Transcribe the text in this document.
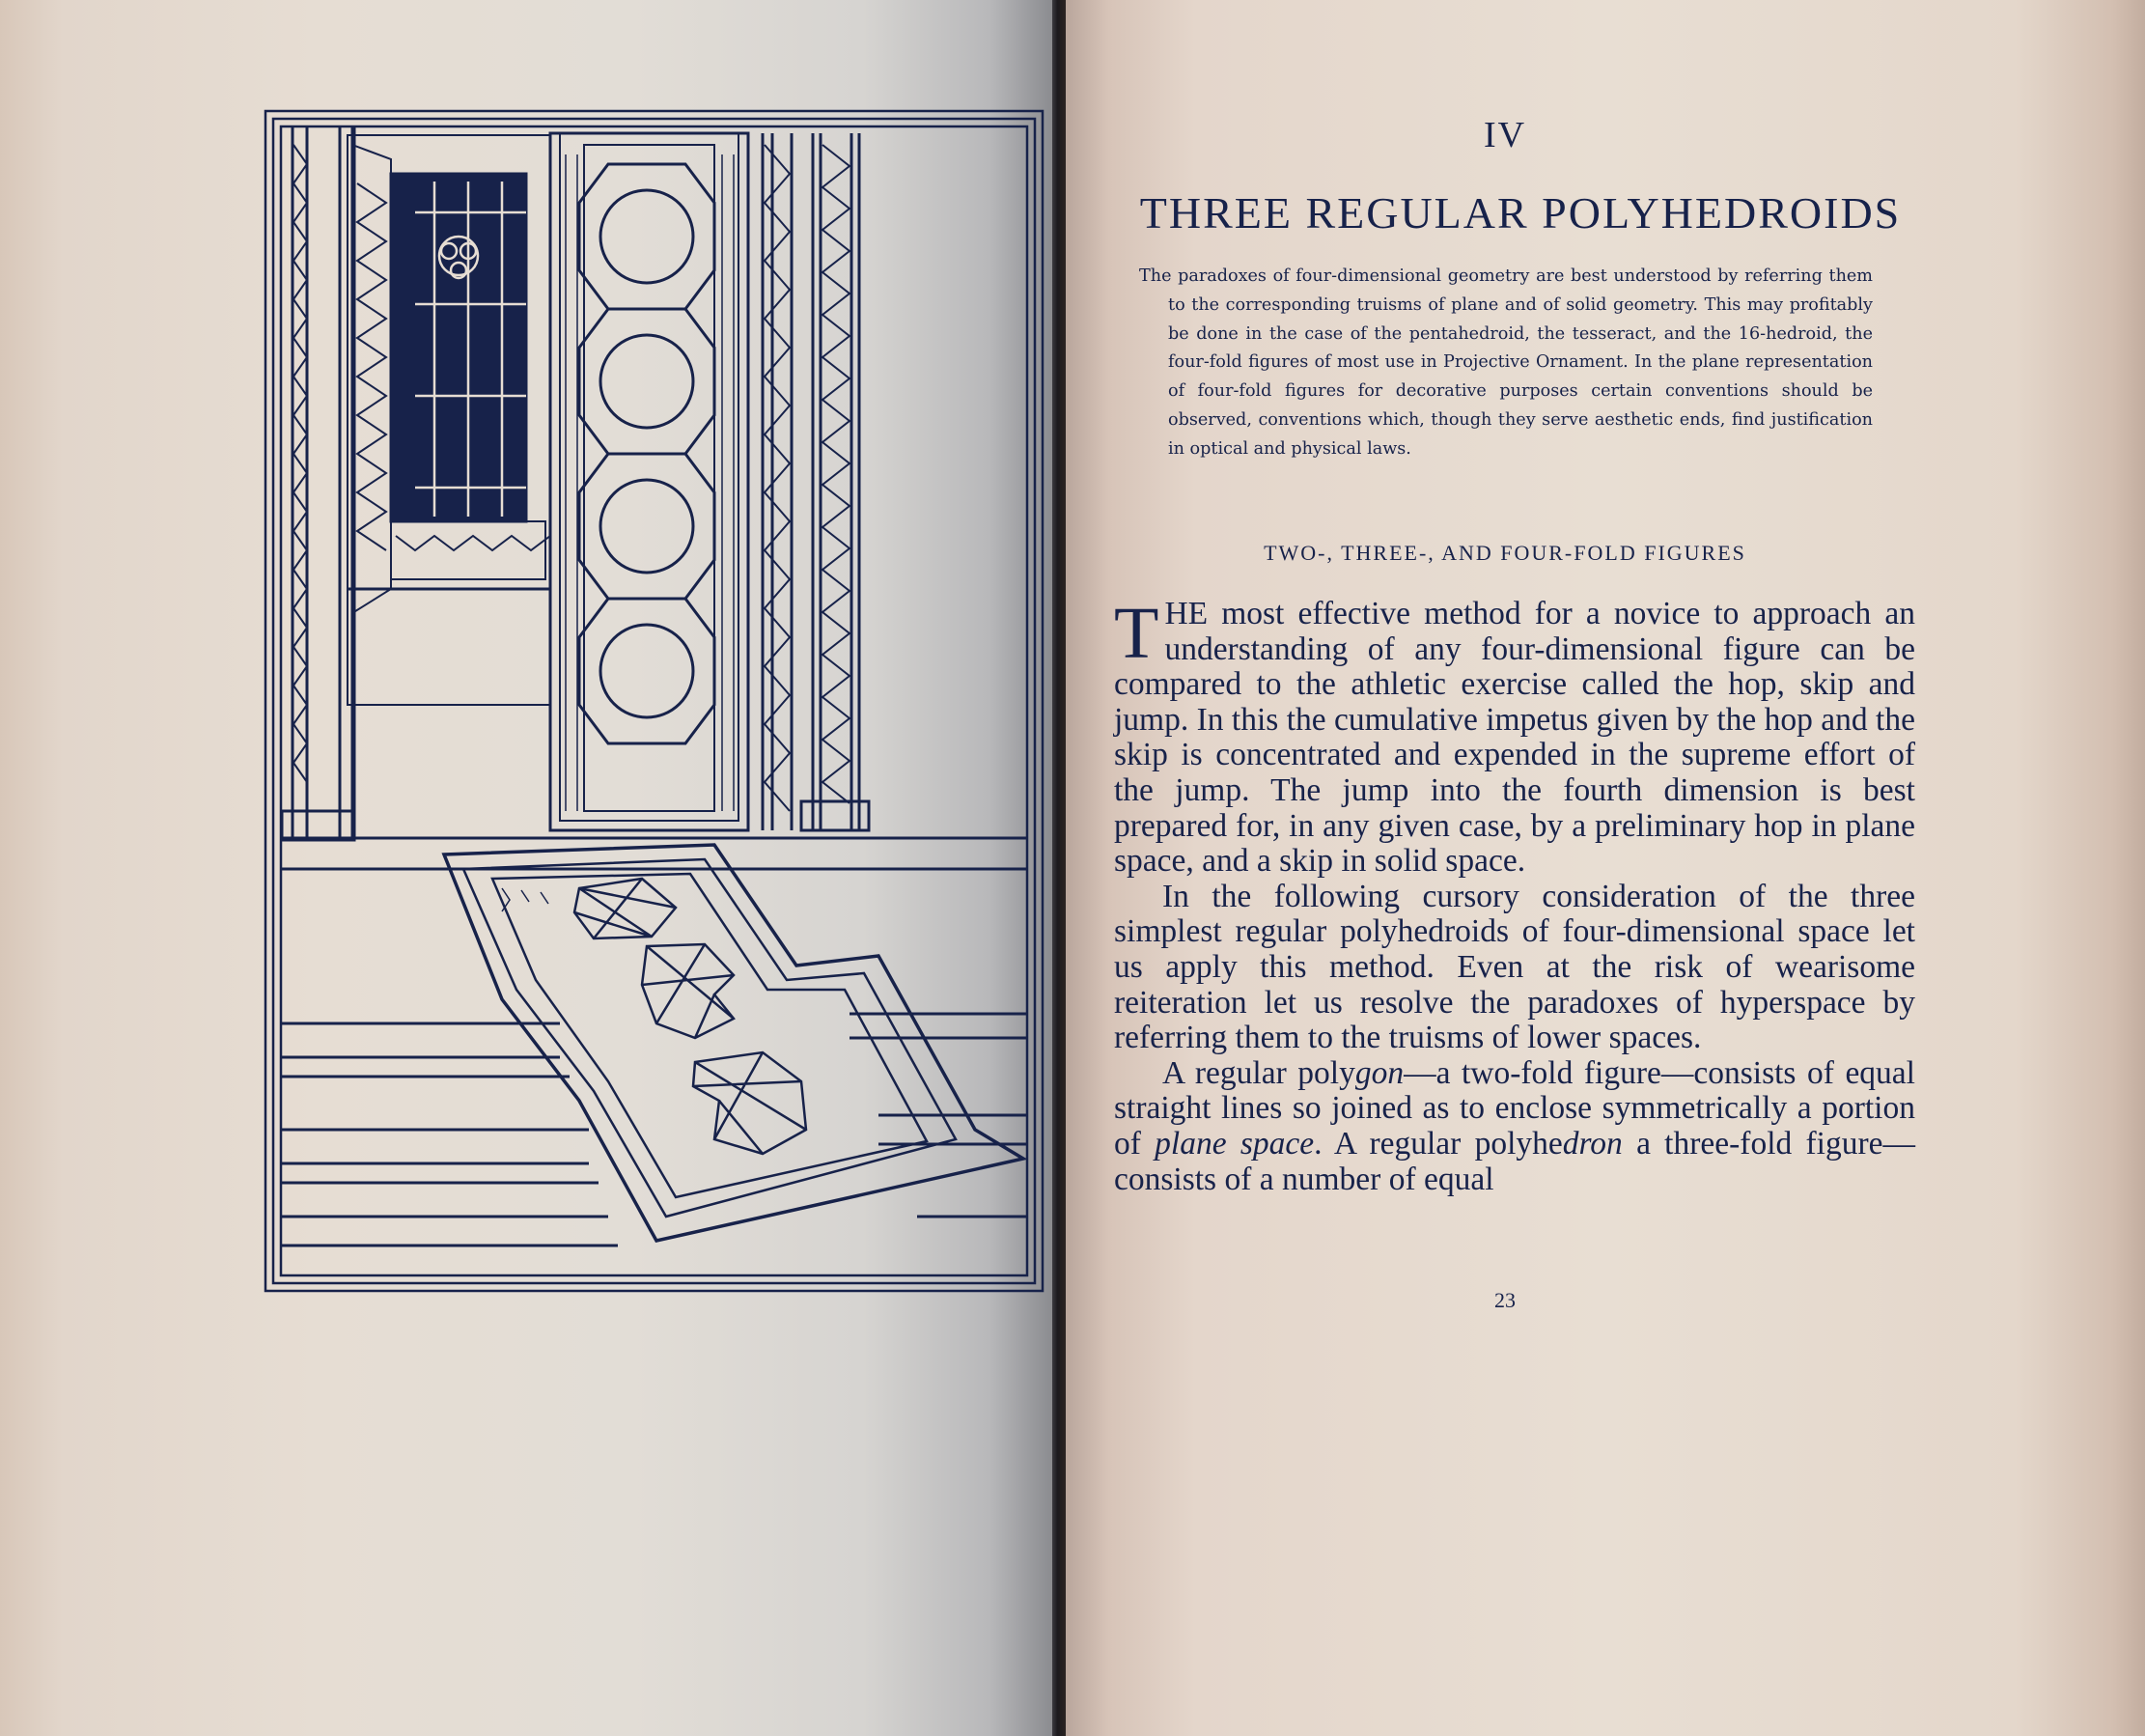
IV
THREE REGULAR POLYHEDROIDS
The paradoxes of four-dimensional geometry are best understood by referring them to the corresponding truisms of plane and of solid geometry. This may profitably be done in the case of the pentahedroid, the tesseract, and the 16-hedroid, the four-fold figures of most use in Projective Ornament. In the plane representation of four-fold figures for decorative purposes certain conventions should be observed, conventions which, though they serve aesthetic ends, find justification in optical and physical laws.
TWO-, THREE-, AND FOUR-FOLD FIGURES

THE most effective method for a novice to approach an understanding of any four-dimensional figure can be compared to the athletic exercise called the hop, skip and jump. In this the cumulative impetus given by the hop and the skip is concentrated and expended in the supreme effort of the jump. The jump into the fourth dimension is best prepared for, in any given case, by a preliminary hop in plane space, and a skip in solid space.

In the following cursory consideration of the three simplest regular polyhedroids of four-dimensional space let us apply this method. Even at the risk of wearisome reiteration let us resolve the paradoxes of hyperspace by referring them to the truisms of lower spaces.

A regular polygon—a two-fold figure—consists of equal straight lines so joined as to enclose symmetrically a portion of plane space. A regular polyhedron a three-fold figure—consists of a number of equal

23
